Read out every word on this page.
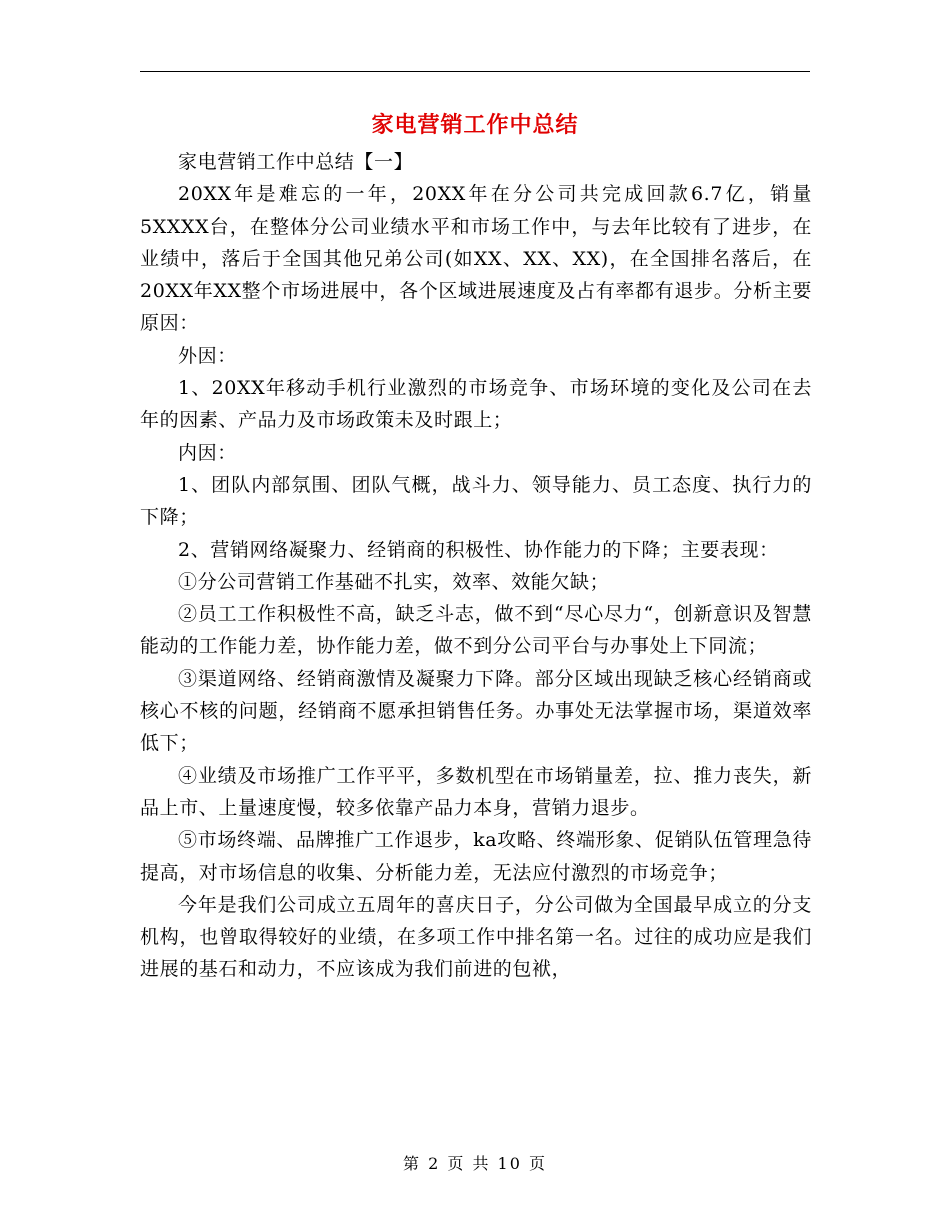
家电营销工作中总结

家电营销工作中总结【一】

20XX年是难忘的一年，20XX年在分公司共完成回款6.7亿，销量5XXXX台，在整体分公司业绩水平和市场工作中，与去年比较有了进步，在业绩中，落后于全国其他兄弟公司(如XX、XX、XX)，在全国排名落后，在20XX年XX整个市场进展中，各个区域进展速度及占有率都有退步。分析主要原因：

外因：

1、20XX年移动手机行业激烈的市场竞争、市场环境的变化及公司在去年的因素、产品力及市场政策未及时跟上；

内因：

1、团队内部氛围、团队气概，战斗力、领导能力、员工态度、执行力的下降；

2、营销网络凝聚力、经销商的积极性、协作能力的下降；主要表现：

①分公司营销工作基础不扎实，效率、效能欠缺；

②员工工作积极性不高，缺乏斗志，做不到“尽心尽力“，创新意识及智慧能动的工作能力差，协作能力差，做不到分公司平台与办事处上下同流；

③渠道网络、经销商激情及凝聚力下降。部分区域出现缺乏核心经销商或核心不核的问题，经销商不愿承担销售任务。办事处无法掌握市场，渠道效率低下；

④业绩及市场推广工作平平，多数机型在市场销量差，拉、推力丧失，新品上市、上量速度慢，较多依靠产品力本身，营销力退步。

⑤市场终端、品牌推广工作退步，ka攻略、终端形象、促销队伍管理急待提高，对市场信息的收集、分析能力差，无法应付激烈的市场竞争；

今年是我们公司成立五周年的喜庆日子，分公司做为全国最早成立的分支机构，也曾取得较好的业绩，在多项工作中排名第一名。过往的成功应是我们进展的基石和动力，不应该成为我们前进的包袱，

第 2 页 共 10 页
